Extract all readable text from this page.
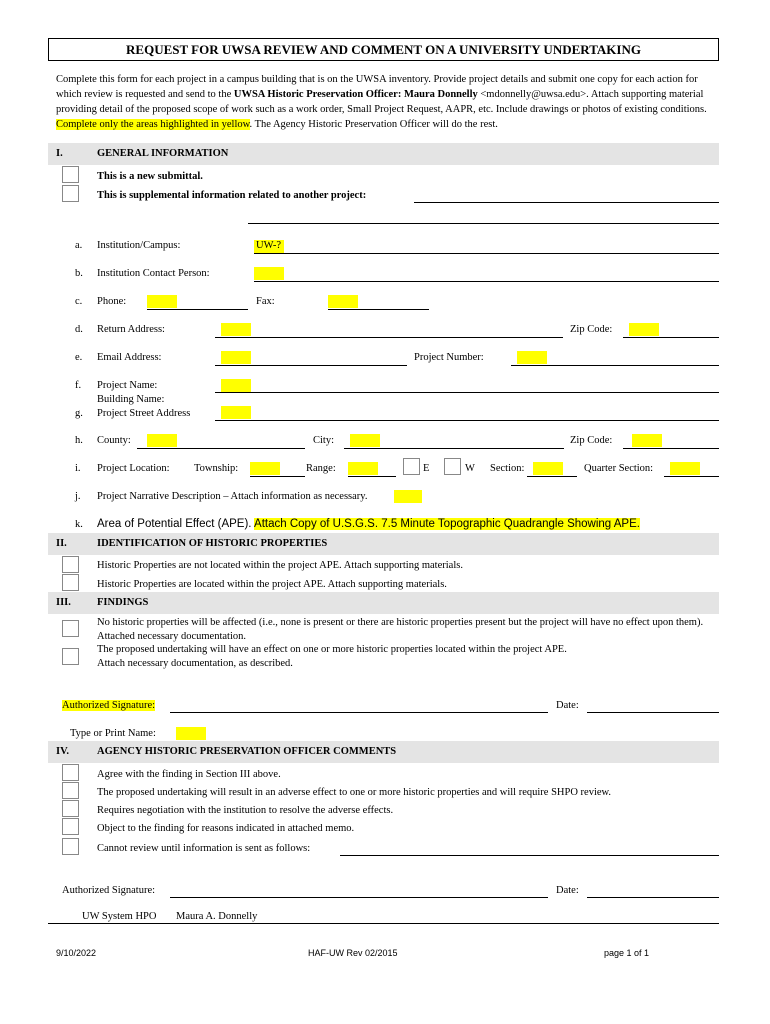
REQUEST FOR UWSA REVIEW AND COMMENT ON A UNIVERSITY UNDERTAKING
Complete this form for each project in a campus building that is on the UWSA inventory. Provide project details and submit one copy for each action for which review is requested and send to the UWSA Historic Preservation Officer: Maura Donnelly <mdonnelly@uwsa.edu>. Attach supporting material providing detail of the proposed scope of work such as a work order, Small Project Request, AAPR, etc. Include drawings or photos of existing conditions. Complete only the areas highlighted in yellow. The Agency Historic Preservation Officer will do the rest.
I.	GENERAL INFORMATION
This is a new submittal.
This is supplemental information related to another project:
a. Institution/Campus:	UW-?
b. Institution Contact Person:
c. Phone:	Fax:
d. Return Address:	Zip Code:
e. Email Address:	Project Number:
f. Project Name:
Building Name:
g. Project Street Address
h. County:	City:	Zip Code:
i. Project Location: Township:	Range:	E	W Section:	Quarter Section:
j. Project Narrative Description – Attach information as necessary.
k. Area of Potential Effect (APE). Attach Copy of U.S.G.S. 7.5 Minute Topographic Quadrangle Showing APE.
II.	IDENTIFICATION OF HISTORIC PROPERTIES
Historic Properties are not located within the project APE. Attach supporting materials.
Historic Properties are located within the project APE. Attach supporting materials.
III. FINDINGS
No historic properties will be affected (i.e., none is present or there are historic properties present but the project will have no effect upon them). Attached necessary documentation.
The proposed undertaking will have an effect on one or more historic properties located within the project APE.
Attach necessary documentation, as described.
Authorized Signature:	Date:
Type or Print Name:
IV.	AGENCY HISTORIC PRESERVATION OFFICER COMMENTS
Agree with the finding in Section III above.
The proposed undertaking will result in an adverse effect to one or more historic properties and will require SHPO review.
Requires negotiation with the institution to resolve the adverse effects.
Object to the finding for reasons indicated in attached memo.
Cannot review until information is sent as follows:
Authorized Signature:	Date:
UW System HPO Maura A. Donnelly
9/10/2022	HAF-UW Rev 02/2015	page 1 of 1
